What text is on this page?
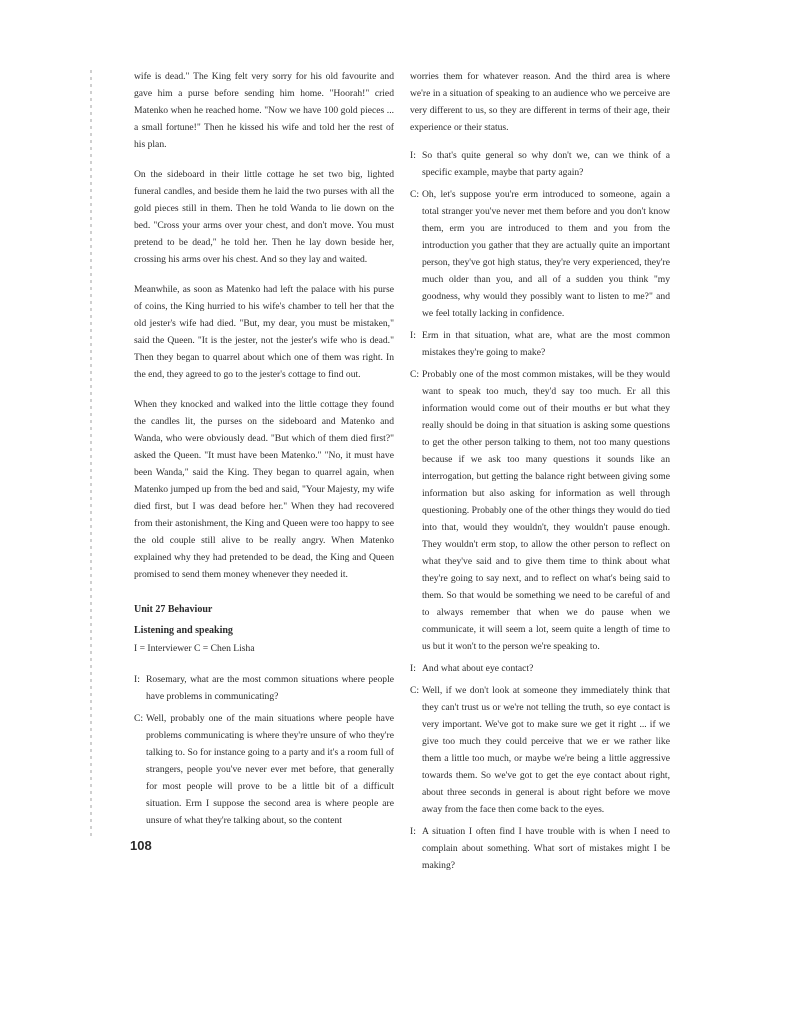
wife is dead." The King felt very sorry for his old favourite and gave him a purse before sending him home. "Hoorah!" cried Matenko when he reached home. "Now we have 100 gold pieces ... a small fortune!" Then he kissed his wife and told her the rest of his plan.

On the sideboard in their little cottage he set two big, lighted funeral candles, and beside them he laid the two purses with all the gold pieces still in them. Then he told Wanda to lie down on the bed. "Cross your arms over your chest, and don't move. You must pretend to be dead," he told her. Then he lay down beside her, crossing his arms over his chest. And so they lay and waited.

Meanwhile, as soon as Matenko had left the palace with his purse of coins, the King hurried to his wife's chamber to tell her that the old jester's wife had died. "But, my dear, you must be mistaken," said the Queen. "It is the jester, not the jester's wife who is dead." Then they began to quarrel about which one of them was right. In the end, they agreed to go to the jester's cottage to find out.

When they knocked and walked into the little cottage they found the candles lit, the purses on the sideboard and Matenko and Wanda, who were obviously dead. "But which of them died first?" asked the Queen. "It must have been Matenko." "No, it must have been Wanda," said the King. They began to quarrel again, when Matenko jumped up from the bed and said, "Your Majesty, my wife died first, but I was dead before her." When they had recovered from their astonishment, the King and Queen were too happy to see the old couple still alive to be really angry. When Matenko explained why they had pretended to be dead, the King and Queen promised to send them money whenever they needed it.

Unit 27 Behaviour
Listening and speaking
I = Interviewer C = Chen Lisha
I: Rosemary, what are the most common situations where people have problems in communicating?
C: Well, probably one of the main situations where people have problems communicating is where they're unsure of who they're talking to. So for instance going to a party and it's a room full of strangers, people you've never ever met before, that generally for most people will prove to be a little bit of a difficult situation. Erm I suppose the second area is where people are unsure of what they're talking about, so the content

worries them for whatever reason. And the third area is where we're in a situation of speaking to an audience who we perceive are very different to us, so they are different in terms of their age, their experience or their status.

I: So that's quite general so why don't we, can we think of a specific example, maybe that party again?
C: Oh, let's suppose you're erm introduced to someone, again a total stranger you've never met them before and you don't know them, erm you are introduced to them and you from the introduction you gather that they are actually quite an important person, they've got high status, they're very experienced, they're much older than you, and all of a sudden you think "my goodness, why would they possibly want to listen to me?" and we feel totally lacking in confidence.
I: Erm in that situation, what are, what are the most common mistakes they're going to make?
C: Probably one of the most common mistakes, will be they would want to speak too much, they'd say too much. Er all this information would come out of their mouths er but what they really should be doing in that situation is asking some questions to get the other person talking to them, not too many questions because if we ask too many questions it sounds like an interrogation, but getting the balance right between giving some information but also asking for information as well through questioning. Probably one of the other things they would do tied into that, would they wouldn't, they wouldn't pause enough. They wouldn't erm stop, to allow the other person to reflect on what they've said and to give them time to think about what they're going to say next, and to reflect on what's being said to them. So that would be something we need to be careful of and to always remember that when we do pause when we communicate, it will seem a lot, seem quite a length of time to us but it won't to the person we're speaking to.
I: And what about eye contact?
C: Well, if we don't look at someone they immediately think that they can't trust us or we're not telling the truth, so eye contact is very important. We've got to make sure we get it right ... if we give too much they could perceive that we er we rather like them a little too much, or maybe we're being a little aggressive towards them. So we've got to get the eye contact about right, about three seconds in general is about right before we move away from the face then come back to the eyes.
I: A situation I often find I have trouble with is when I need to complain about something. What sort of mistakes might I be making?
108
